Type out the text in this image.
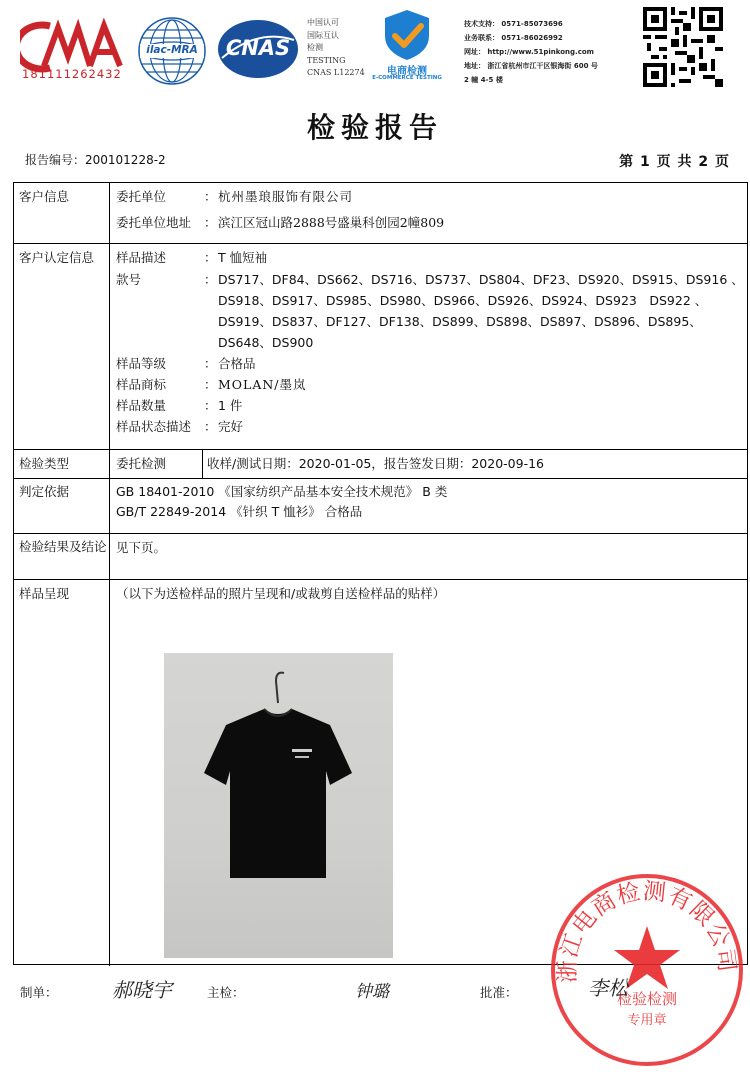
181111262432
ilac-MRA	CNAS
中国认可
国际互认
检测
TESTING
CNAS L12274	电商检测
E-COMMERCE TESTING
技术支持： 0571-85073696
业务联系： 0571-86026992
网址： http://www.51pinkong.com
地址： 浙江省杭州市江干区银海街 600 号
2 幢 4-5 楼
检验报告
报告编号：200101228-2	第 1 页 共 2 页
客户信息	委托单位	： 杭州墨琅服饰有限公司
委托单位地址 ： 滨江区冠山路2888号盛巢科创园2幢809
客户认定信息 样品描述	： T 恤短袖
款号	： DS717、DF84、DS662、DS716、DS737、DS804、DF23、DS920、DS915、DS916 、DS918、DS917、DS985、DS980、DS966、DS926、DS924、DS923　DS922 、DS919、DS837、DF127、DF138、DS899、DS898、DS897、DS896、DS895、DS648、DS900
样品等级	： 合格品
样品商标	： MOLAN/墨岚
样品数量	： 1 件
样品状态描述 ： 完好
检验类型	委托检测	收样/测试日期：2020-01-05，报告签发日期：2020-09-16
判定依据	GB 18401-2010 《国家纺织产品基本安全技术规范》 B 类
GB/T 22849-2014 《针织 T 恤衫》 合格品
检验结果及结论 见下页。
样品呈现	（以下为送检样品的照片呈现和/或裁剪自送检样品的贴样）
制单：	郝晓宇	主检：	钟璐	批准：
浙江电商检测有限公司
检验检测
专用章
李松
